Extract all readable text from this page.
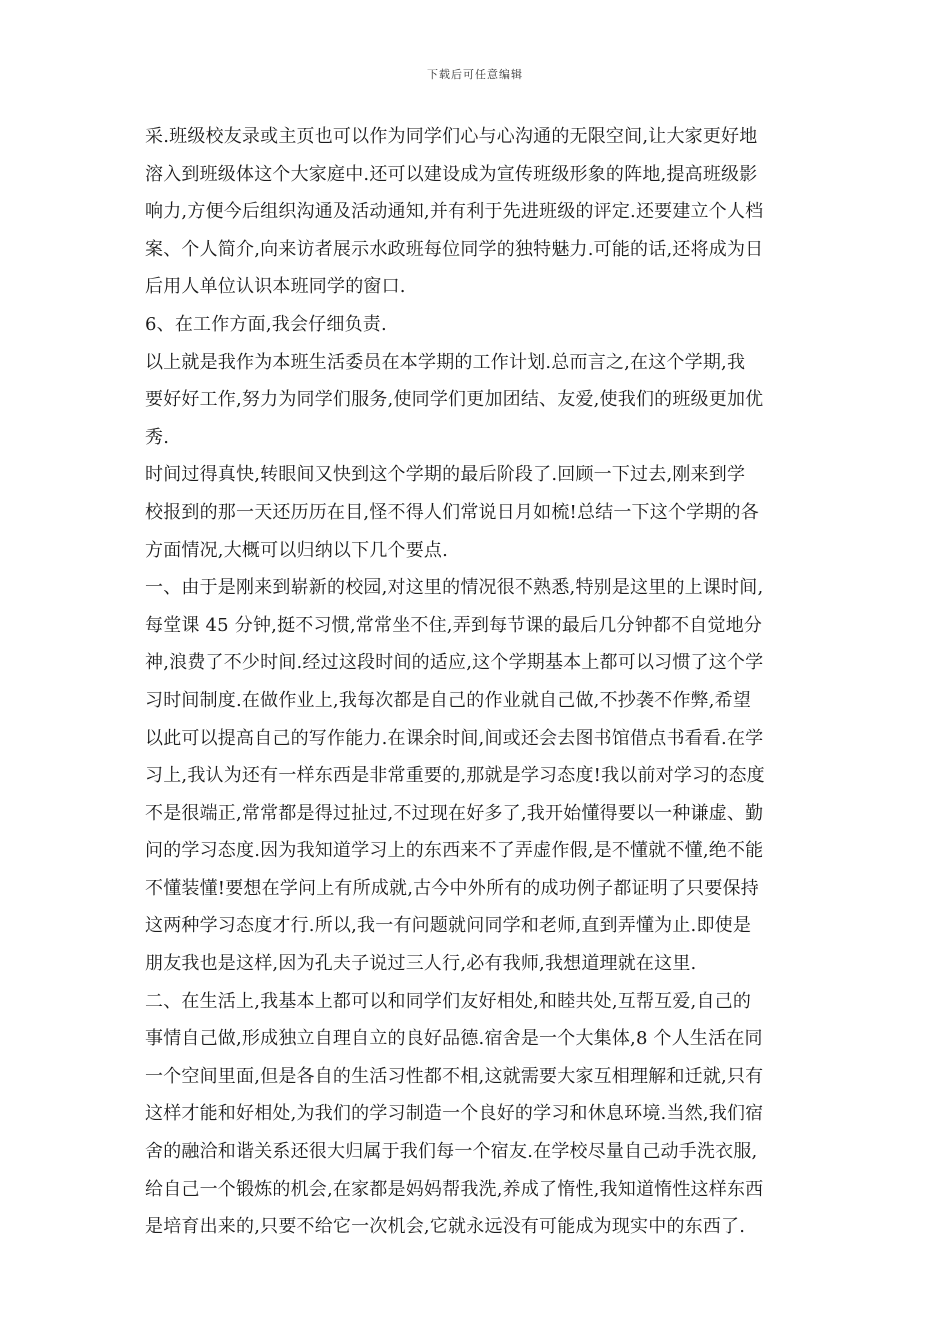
下载后可任意编辑
采.班级校友录或主页也可以作为同学们心与心沟通的无限空间,让大家更好地
溶入到班级体这个大家庭中.还可以建设成为宣传班级形象的阵地,提高班级影
响力,方便今后组织沟通及活动通知,并有利于先进班级的评定.还要建立个人档
案、个人简介,向来访者展示水政班每位同学的独特魅力.可能的话,还将成为日
后用人单位认识本班同学的窗口.
6、在工作方面,我会仔细负责.
以上就是我作为本班生活委员在本学期的工作计划.总而言之,在这个学期,我
要好好工作,努力为同学们服务,使同学们更加团结、友爱,使我们的班级更加优
秀.
时间过得真快,转眼间又快到这个学期的最后阶段了.回顾一下过去,刚来到学
校报到的那一天还历历在目,怪不得人们常说日月如梳!总结一下这个学期的各
方面情况,大概可以归纳以下几个要点.
一、由于是刚来到崭新的校园,对这里的情况很不熟悉,特别是这里的上课时间,
每堂课 45 分钟,挺不习惯,常常坐不住,弄到每节课的最后几分钟都不自觉地分
神,浪费了不少时间.经过这段时间的适应,这个学期基本上都可以习惯了这个学
习时间制度.在做作业上,我每次都是自己的作业就自己做,不抄袭不作弊,希望
以此可以提高自己的写作能力.在课余时间,间或还会去图书馆借点书看看.在学
习上,我认为还有一样东西是非常重要的,那就是学习态度!我以前对学习的态度
不是很端正,常常都是得过扯过,不过现在好多了,我开始懂得要以一种谦虚、勤
问的学习态度.因为我知道学习上的东西来不了弄虚作假,是不懂就不懂,绝不能
不懂装懂!要想在学问上有所成就,古今中外所有的成功例子都证明了只要保持
这两种学习态度才行.所以,我一有问题就问同学和老师,直到弄懂为止.即使是
朋友我也是这样,因为孔夫子说过三人行,必有我师,我想道理就在这里.
二、在生活上,我基本上都可以和同学们友好相处,和睦共处,互帮互爱,自己的
事情自己做,形成独立自理自立的良好品德.宿舍是一个大集体,8 个人生活在同
一个空间里面,但是各自的生活习性都不相,这就需要大家互相理解和迁就,只有
这样才能和好相处,为我们的学习制造一个良好的学习和休息环境.当然,我们宿
舍的融洽和谐关系还很大归属于我们每一个宿友.在学校尽量自己动手洗衣服,
给自己一个锻炼的机会,在家都是妈妈帮我洗,养成了惰性,我知道惰性这样东西
是培育出来的,只要不给它一次机会,它就永远没有可能成为现实中的东西了.
